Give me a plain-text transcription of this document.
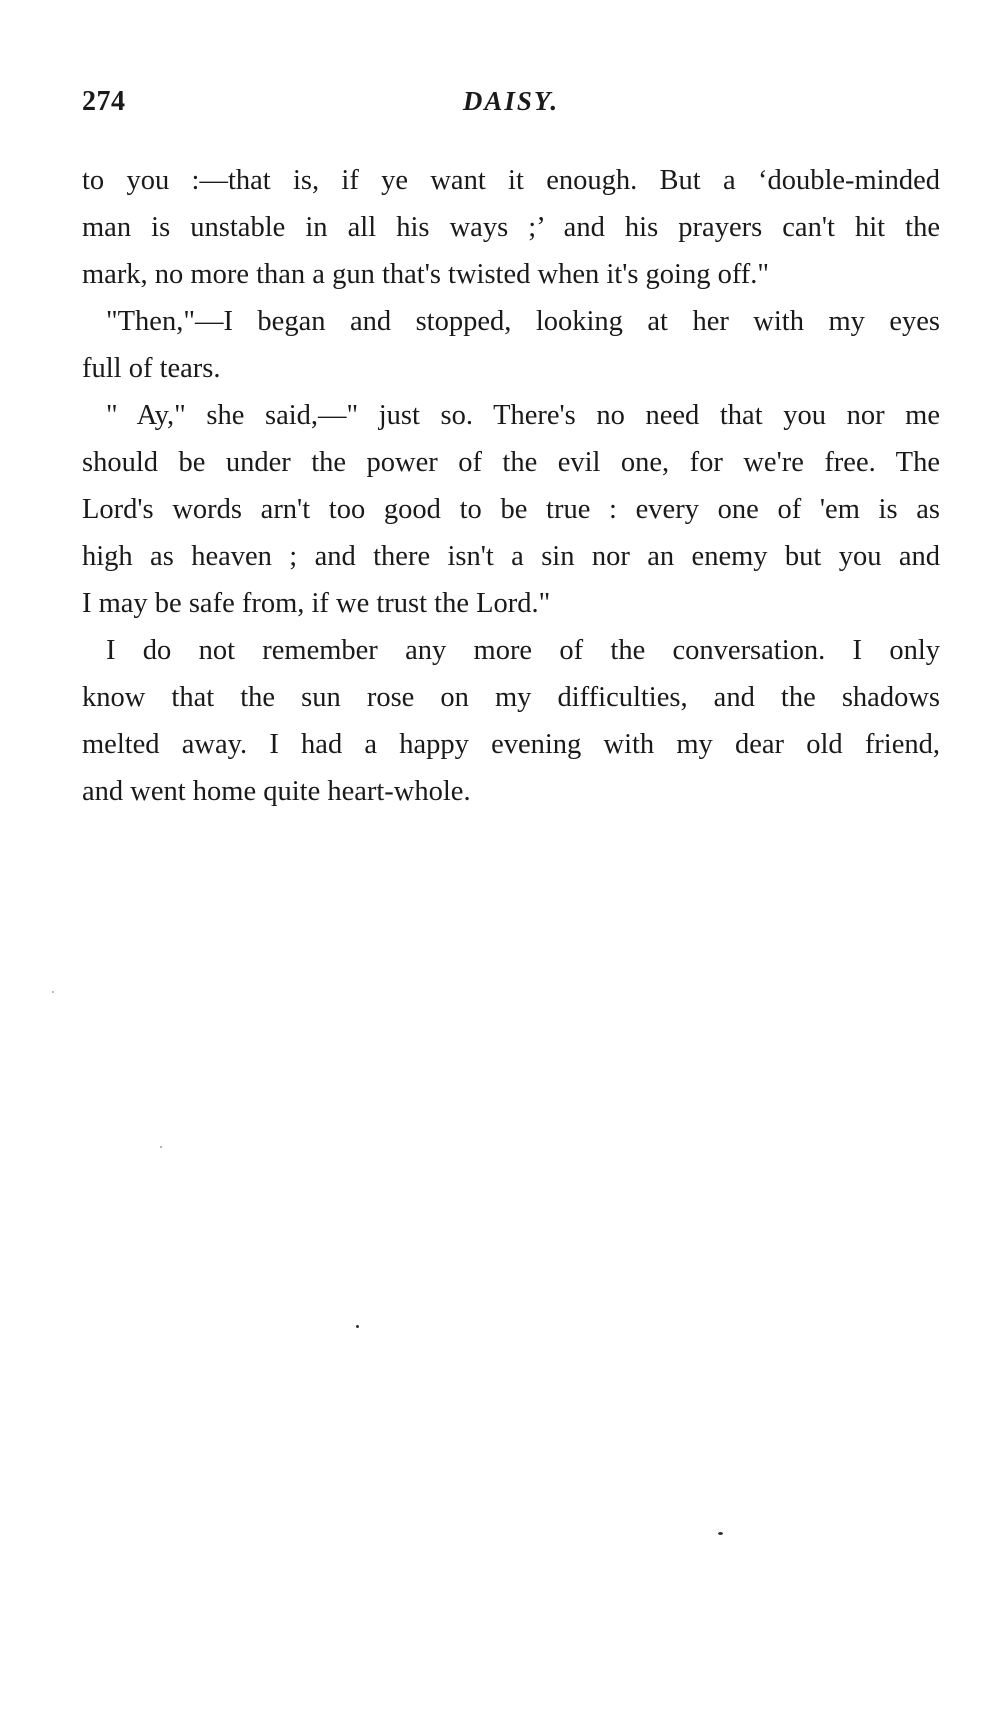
274	DAISY.
to you :—that is, if ye want it enough. But a ‘double-minded
man is unstable in all his ways ;’ and his prayers can't hit the
mark, no more than a gun that's twisted when it's going off."
"Then,"—I began and stopped, looking at her with my eyes
full of tears.
" Ay," she said,—" just so. There's no need that you nor me
should be under the power of the evil one, for we're free. The
Lord's words arn't too good to be true : every one of 'em is as
high as heaven ; and there isn't a sin nor an enemy but you and
I may be safe from, if we trust the Lord."
I do not remember any more of the conversation. I only
know that the sun rose on my difficulties, and the shadows
melted away. I had a happy evening with my dear old friend,
and went home quite heart-whole.
